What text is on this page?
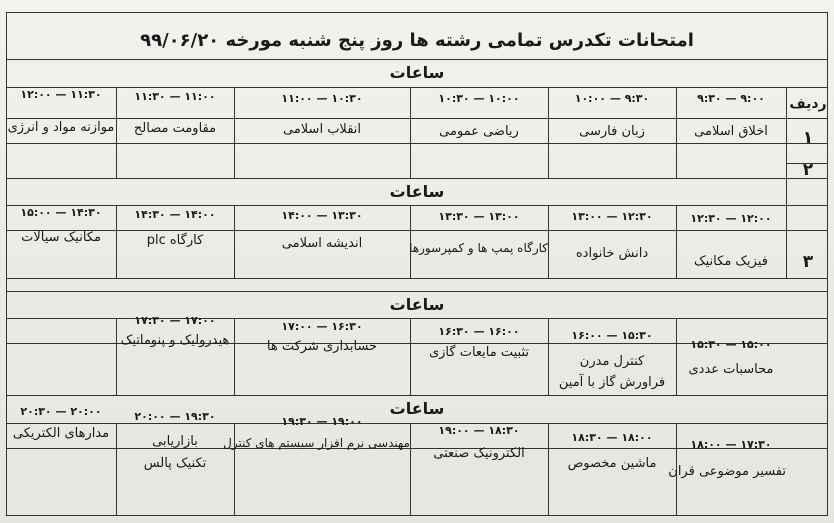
امتحانات تکدرس تمامی رشته ها روز پنج شنبه مورخه ۹۹/۰۶/۲۰
ساعات
ساعات
ساعات
ساعات
ردیف
۹:۰۰ — ۹:۳۰
۹:۳۰ — ۱۰:۰۰
۱۰:۰۰ — ۱۰:۳۰
۱۰:۳۰ — ۱۱:۰۰
۱۱:۰۰ — ۱۱:۳۰
۱۱:۳۰ — ۱۲:۰۰
اخلاق اسلامی
زبان فارسی
ریاضی عمومی
انقلاب اسلامی
مقاومت مصالح
موازنه مواد و انرژی
۱
۲
۱۲:۰۰ — ۱۲:۳۰
۱۲:۳۰ — ۱۳:۰۰
۱۳:۰۰ — ۱۳:۳۰
۱۳:۳۰ — ۱۴:۰۰
۱۴:۰۰ — ۱۴:۳۰
۱۴:۳۰ — ۱۵:۰۰
فیزیک مکانیک
دانش خانواده
کارگاه پمپ ها و کمپرسورها
اندیشه اسلامی
کارگاه plc
مکانیک سیالات
۳
۱۵:۰۰ — ۱۵:۳۰
۱۵:۳۰ — ۱۶:۰۰
۱۶:۰۰ — ۱۶:۳۰
۱۶:۳۰ — ۱۷:۰۰
۱۷:۰۰ — ۱۷:۳۰
محاسبات عددی
کنترل مدرن
فراورش گاز با آمین
تثبیت مایعات گازی
حسابداری شرکت ها
هیدرولیک و پنوماتیک
۱۷:۳۰ — ۱۸:۰۰
۱۸:۰۰ — ۱۸:۳۰
۱۸:۳۰ — ۱۹:۰۰
۱۹:۰۰ — ۱۹:۳۰
۱۹:۳۰ — ۲۰:۰۰
۲۰:۰۰ — ۲۰:۳۰
تفسیر موضوعی قران
ماشین مخصوص
الکترونیک صنعتی
مهندسی نرم افزار سیستم های کنترل
بازاریابی
تکنیک پالس
مدارهای الکتریکی
